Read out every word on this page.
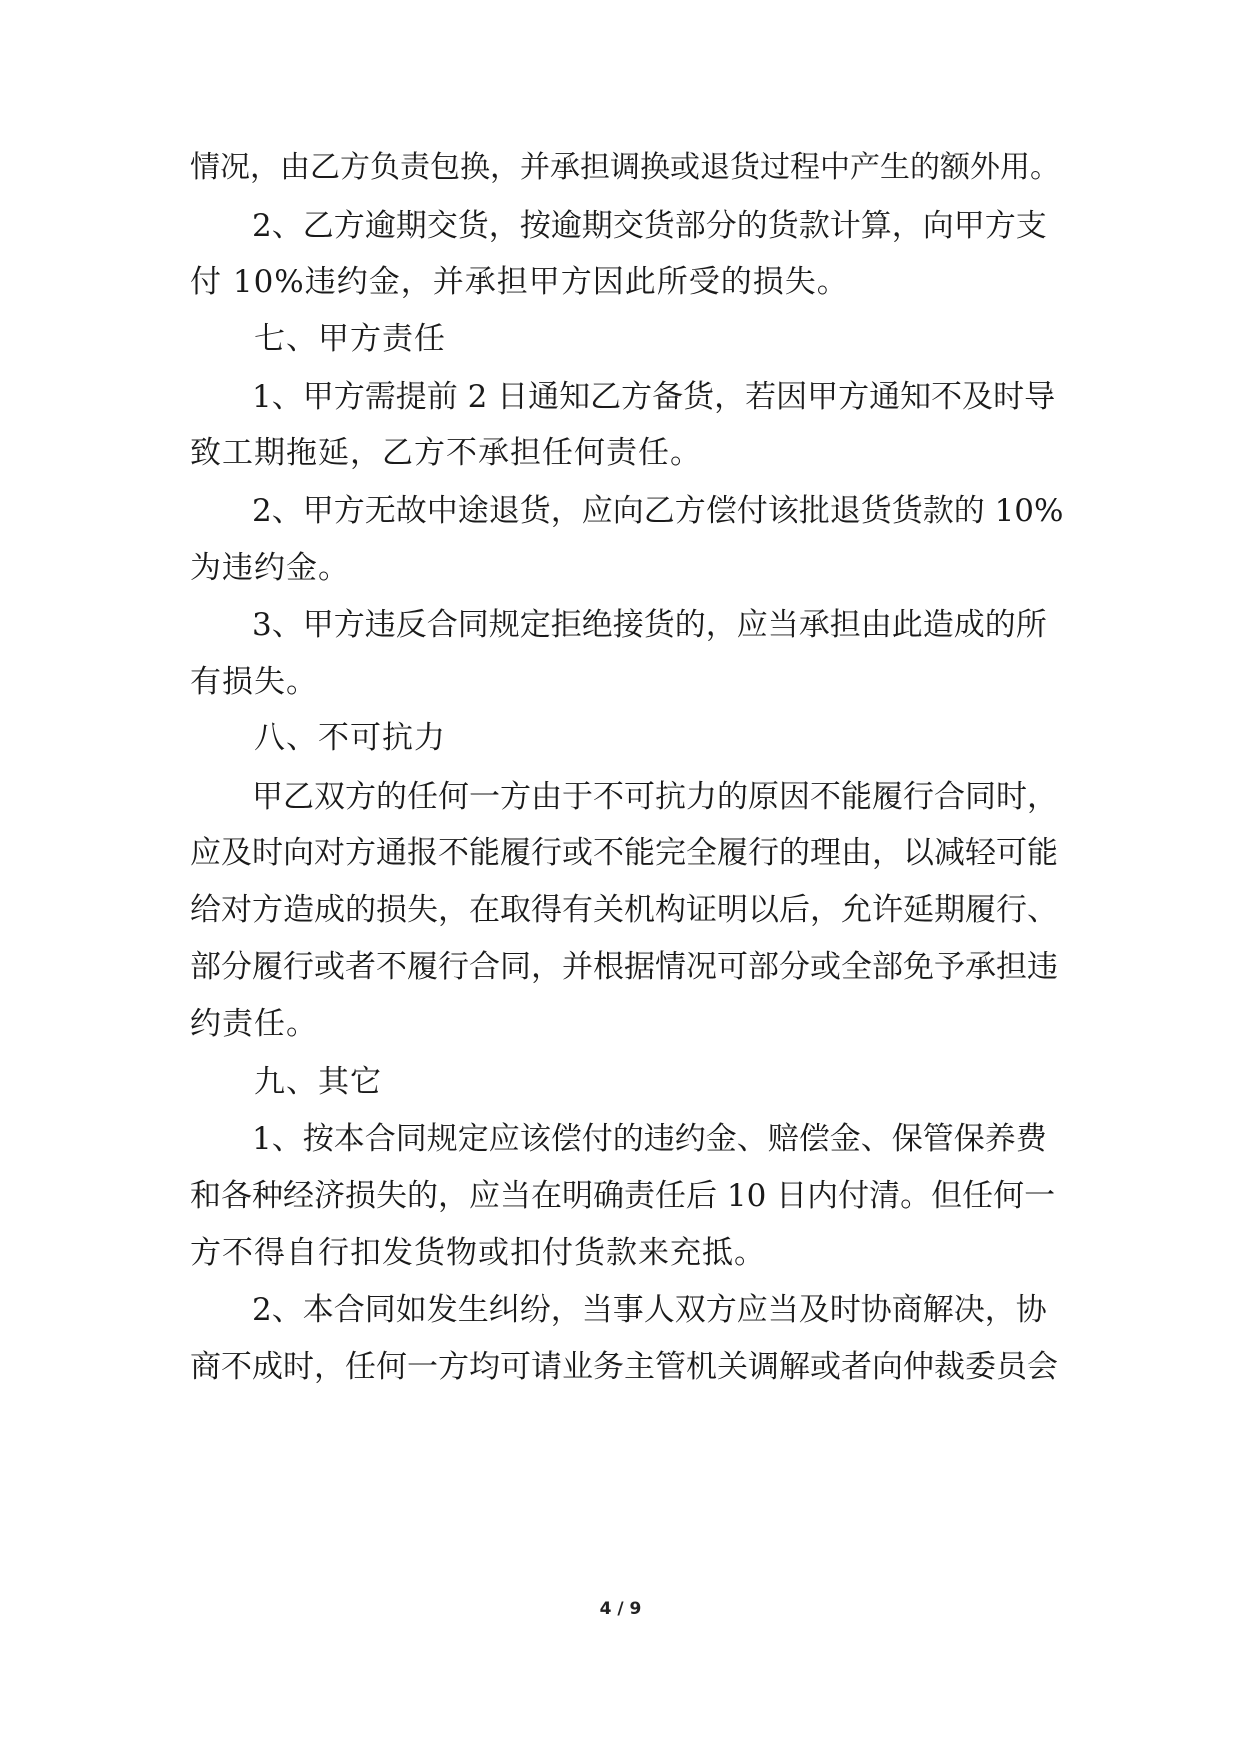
情况，由乙方负责包换，并承担调换或退货过程中产生的额外用。
　　2、乙方逾期交货，按逾期交货部分的货款计算，向甲方支
付 10%违约金，并承担甲方因此所受的损失。
　　七、甲方责任
　　1、甲方需提前 2 日通知乙方备货，若因甲方通知不及时导
致工期拖延，乙方不承担任何责任。
　　2、甲方无故中途退货，应向乙方偿付该批退货货款的 10%
为违约金。
　　3、甲方违反合同规定拒绝接货的，应当承担由此造成的所
有损失。
　　八、不可抗力
　　甲乙双方的任何一方由于不可抗力的原因不能履行合同时，
应及时向对方通报不能履行或不能完全履行的理由，以减轻可能
给对方造成的损失，在取得有关机构证明以后，允许延期履行、
部分履行或者不履行合同，并根据情况可部分或全部免予承担违
约责任。
　　九、其它
　　1、按本合同规定应该偿付的违约金、赔偿金、保管保养费
和各种经济损失的，应当在明确责任后 10 日内付清。但任何一
方不得自行扣发货物或扣付货款来充抵。
　　2、本合同如发生纠纷，当事人双方应当及时协商解决，协
商不成时，任何一方均可请业务主管机关调解或者向仲裁委员会
4 / 9
